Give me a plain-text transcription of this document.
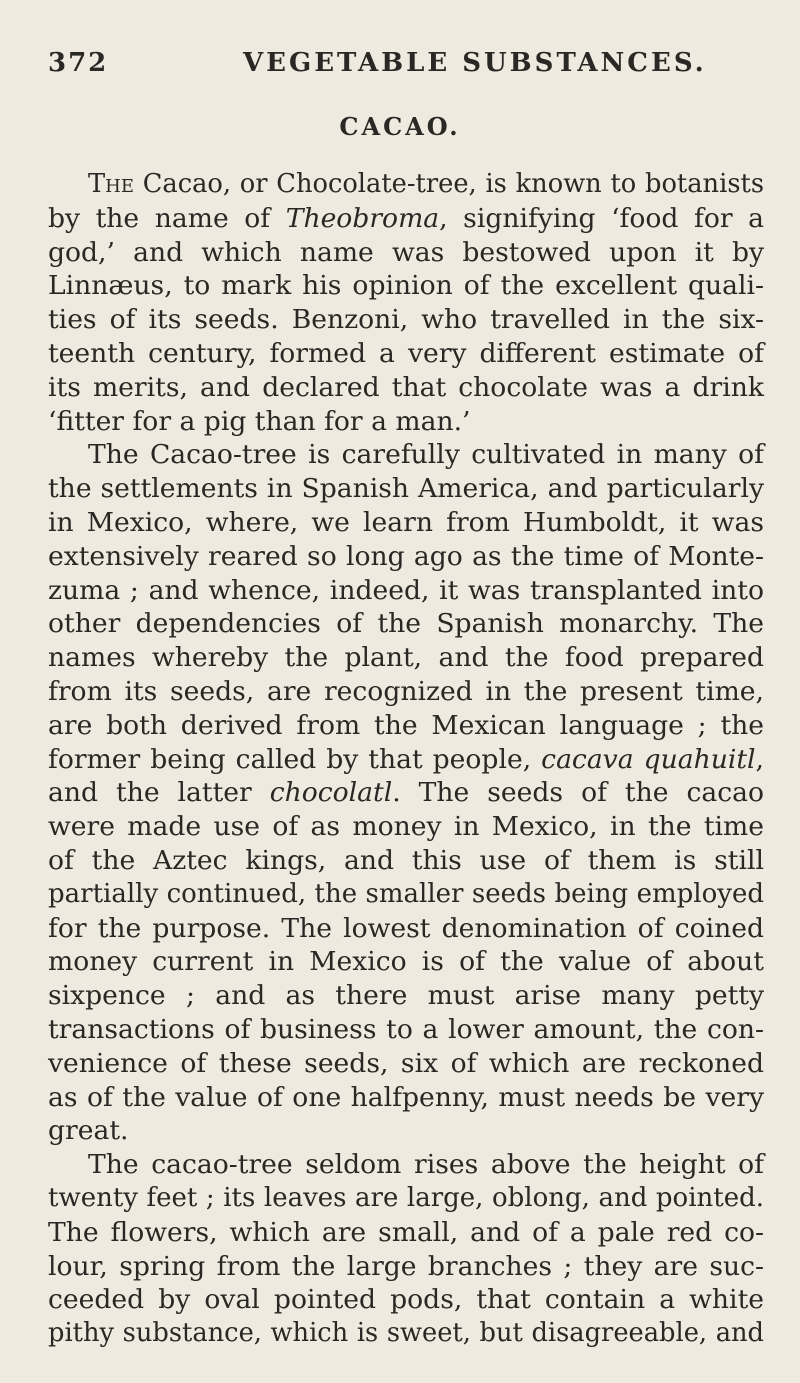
372	VEGETABLE SUBSTANCES.
CACAO.

The Cacao, or Chocolate-tree, is known to botanists
by the name of Theobroma, signifying ‘food for a
god,’ and which name was bestowed upon it by
Linnæus, to mark his opinion of the excellent quali-
ties of its seeds. Benzoni, who travelled in the six-
teenth century, formed a very different estimate of
its merits, and declared that chocolate was a drink
‘fitter for a pig than for a man.’

The Cacao-tree is carefully cultivated in many of
the settlements in Spanish America, and particularly
in Mexico, where, we learn from Humboldt, it was
extensively reared so long ago as the time of Monte-
zuma ; and whence, indeed, it was transplanted into
other dependencies of the Spanish monarchy. The
names whereby the plant, and the food prepared
from its seeds, are recognized in the present time,
are both derived from the Mexican language ; the
former being called by that people, cacava quahuitl,
and the latter chocolatl. The seeds of the cacao
were made use of as money in Mexico, in the time
of the Aztec kings, and this use of them is still
partially continued, the smaller seeds being employed
for the purpose. The lowest denomination of coined
money current in Mexico is of the value of about
sixpence ; and as there must arise many petty
transactions of business to a lower amount, the con-
venience of these seeds, six of which are reckoned
as of the value of one halfpenny, must needs be very
great.

The cacao-tree seldom rises above the height of
twenty feet ; its leaves are large, oblong, and pointed.
The flowers, which are small, and of a pale red co-
lour, spring from the large branches ; they are suc-
ceeded by oval pointed pods, that contain a white
pithy substance, which is sweet, but disagreeable, and
